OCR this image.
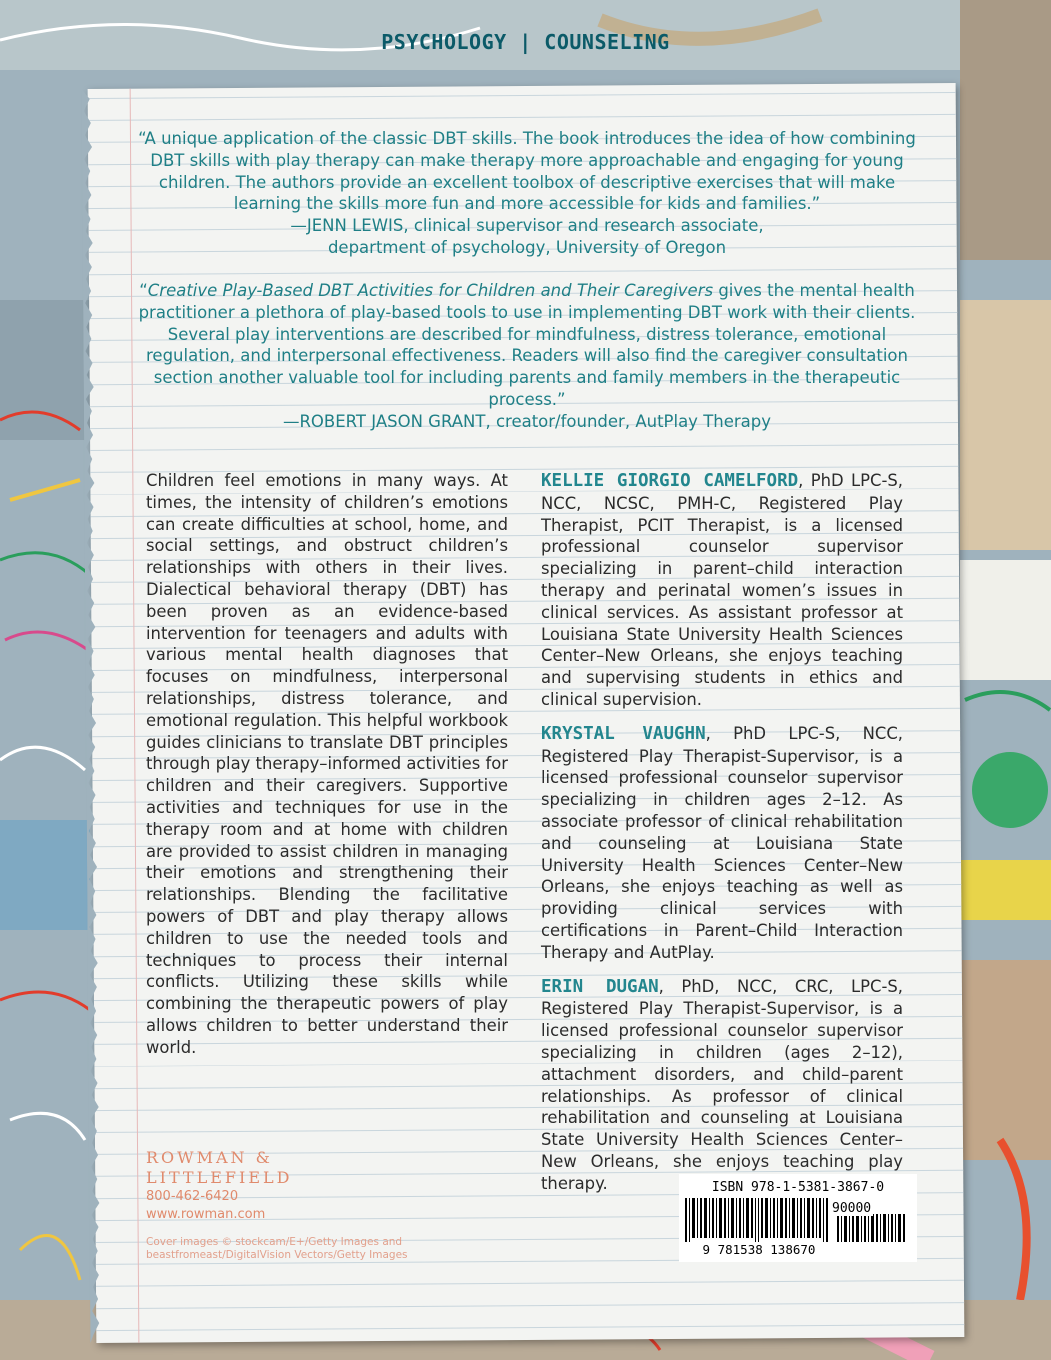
PSYCHOLOGY | COUNSELING

“A unique application of the classic DBT skills. The book introduces the idea of how combining DBT skills with play therapy can make therapy more approachable and engaging for young children. The authors provide an excellent toolbox of descriptive exercises that will make learning the skills more fun and more accessible for kids and families.”

—JENN LEWIS, clinical supervisor and research associate,

department of psychology, University of Oregon

“Creative Play-Based DBT Activities for Children and Their Caregivers gives the mental health practitioner a plethora of play-based tools to use in implementing DBT work with their clients. Several play interventions are described for mindfulness, distress tolerance, emotional regulation, and interpersonal effectiveness. Readers will also find the caregiver consultation section another valuable tool for including parents and family members in the therapeutic process.”

—ROBERT JASON GRANT, creator/founder, AutPlay Therapy

Children feel emotions in many ways. At times, the intensity of children’s emotions can create difficulties at school, home, and social settings, and obstruct children’s relationships with others in their lives. Dialectical behavioral therapy (DBT) has been proven as an evidence-based intervention for teenagers and adults with various mental health diagnoses that focuses on mindfulness, interpersonal relationships, distress tolerance, and emotional regulation. This helpful workbook guides clinicians to translate DBT principles through play therapy–informed activities for children and their caregivers. Supportive activities and techniques for use in the therapy room and at home with children are provided to assist children in managing their emotions and strengthening their relationships. Blending the facilitative powers of DBT and play therapy allows children to use the needed tools and techniques to process their internal conflicts. Utilizing these skills while combining the therapeutic powers of play allows children to better understand their world.

KELLIE GIORGIO CAMELFORD, PhD LPC-S, NCC, NCSC, PMH-C, Registered Play Therapist, PCIT Therapist, is a licensed professional counselor supervisor specializing in parent–child interaction therapy and perinatal women’s issues in clinical services. As assistant professor at Louisiana State University Health Sciences Center–New Orleans, she enjoys teaching and supervising students in ethics and clinical supervision.

KRYSTAL VAUGHN, PhD LPC-S, NCC, Registered Play Therapist-Supervisor, is a licensed professional counselor supervisor specializing in children ages 2–12. As associate professor of clinical rehabilitation and counseling at Louisiana State University Health Sciences Center–New Orleans, she enjoys teaching as well as providing clinical services with certifications in Parent–Child Interaction Therapy and AutPlay.

ERIN DUGAN, PhD, NCC, CRC, LPC-S, Registered Play Therapist-Supervisor, is a licensed professional counselor supervisor specializing in children (ages 2–12), attachment disorders, and child–parent relationships. As professor of clinical rehabilitation and counseling at Louisiana State University Health Sciences Center–New Orleans, she enjoys teaching play therapy.

ROWMAN &
LITTLEFIELD
800-462-6420
www.rowman.com
Cover images © stockcam/E+/Getty Images and beastfromeast/DigitalVision Vectors/Getty Images
ISBN 978-1-5381-3867-0
90000
9 781538 138670
